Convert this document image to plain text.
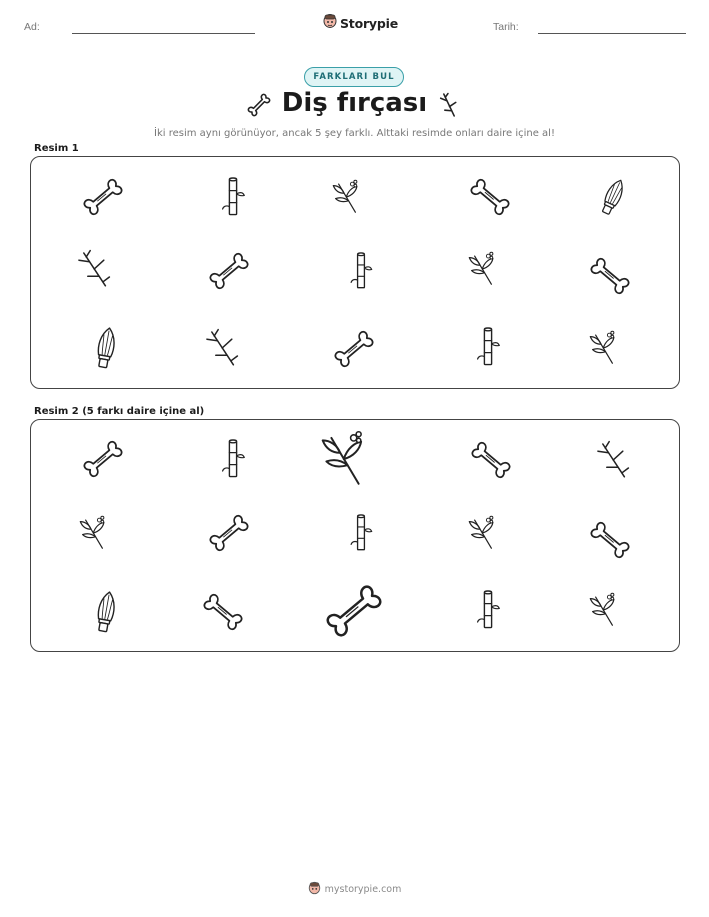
Ad:	Storypie	Tarih:
FARKLARI BUL
Diş fırçası
İki resim aynı görünüyor, ancak 5 şey farklı. Alttaki resimde onları daire içine al!
Resim 1
Resim 2 (5 farkı daire içine al)
mystorypie.com
